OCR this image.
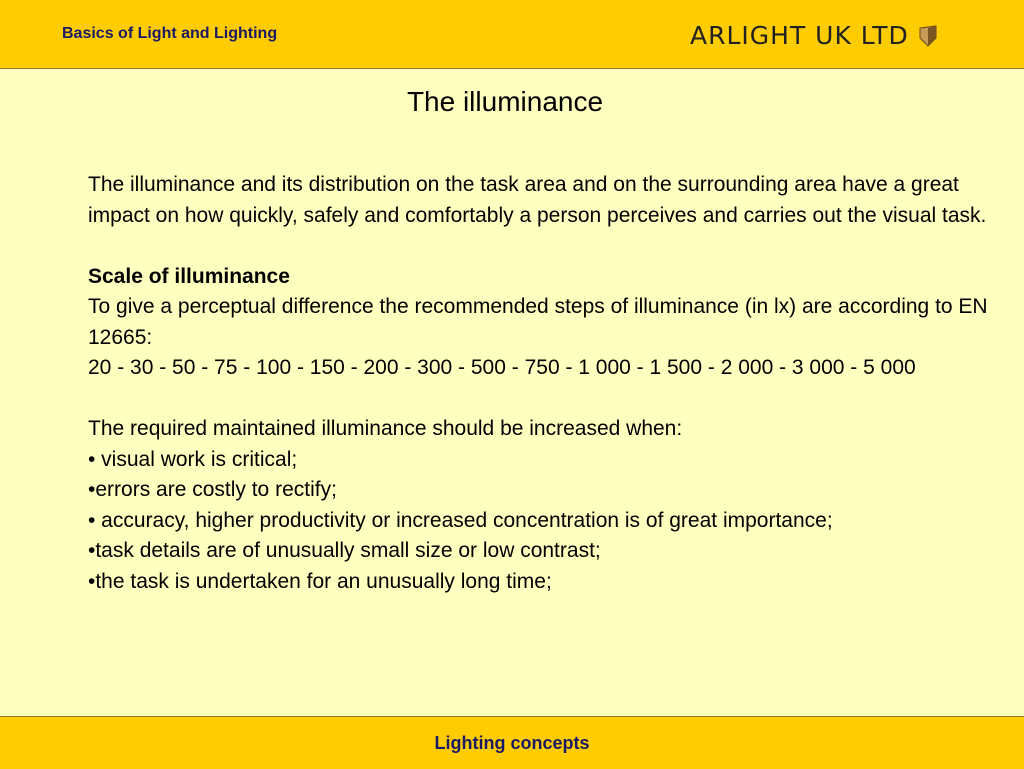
Basics of Light and Lighting	ARLIGHT UK LTD
The illuminance

The illuminance and its distribution on the task area and on the surrounding area have a great impact on how quickly, safely and comfortably a person perceives and carries out the visual task.

Scale of illuminance

To give a perceptual difference the recommended steps of illuminance (in lx) are according to EN 12665:

20 - 30 - 50 - 75 - 100 - 150 - 200 - 300 - 500 - 750 - 1 000 - 1 500 - 2 000 - 3 000 - 5 000

The required maintained illuminance should be increased when:

• visual work is critical;

•errors are costly to rectify;

• accuracy, higher productivity or increased concentration is of great importance;

•task details are of unusually small size or low contrast;

•the task is undertaken for an unusually long time;

Lighting concepts
